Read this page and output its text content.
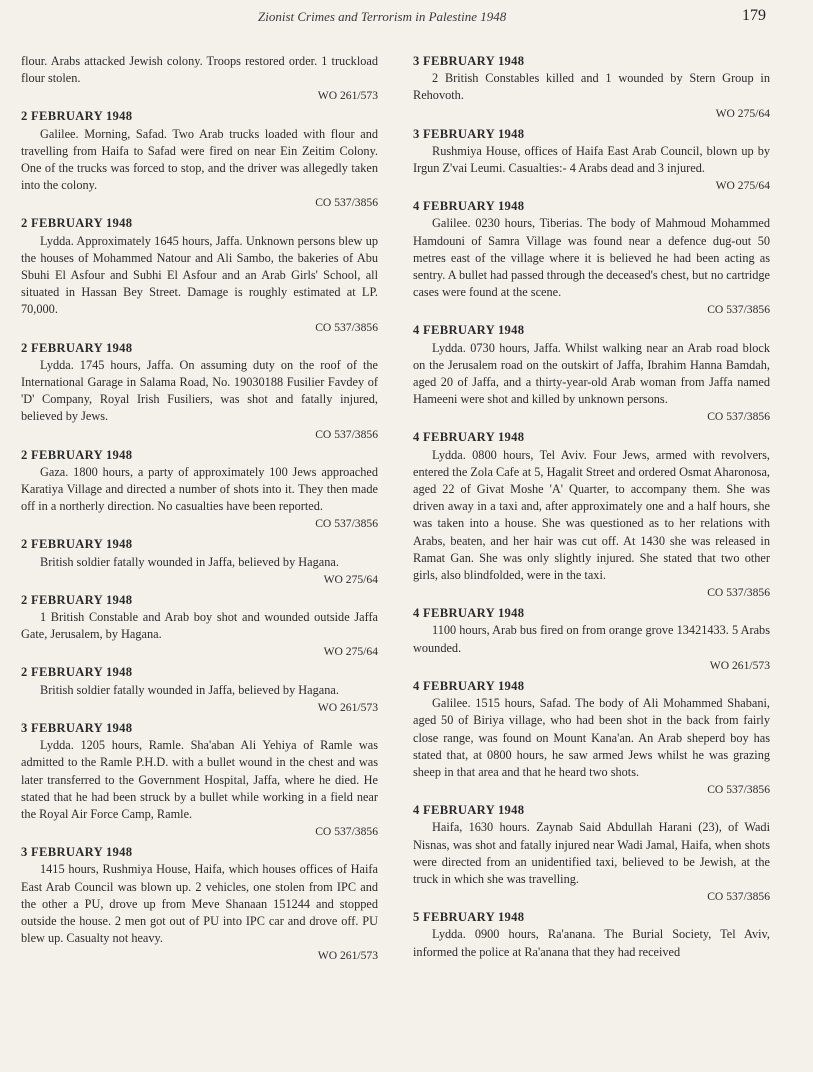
Zionist Crimes and Terrorism in Palestine 1948	179
flour. Arabs attacked Jewish colony. Troops restored order. 1 truckload flour stolen.
WO 261/573
2 FEBRUARY 1948
Galilee. Morning, Safad. Two Arab trucks loaded with flour and travelling from Haifa to Safad were fired on near Ein Zeitim Colony. One of the trucks was forced to stop, and the driver was allegedly taken into the colony.
CO 537/3856
2 FEBRUARY 1948
Lydda. Approximately 1645 hours, Jaffa. Unknown persons blew up the houses of Mohammed Natour and Ali Sambo, the bakeries of Abu Sbuhi El Asfour and Subhi El Asfour and an Arab Girls' School, all situated in Hassan Bey Street. Damage is roughly estimated at LP. 70,000.
CO 537/3856
2 FEBRUARY 1948
Lydda. 1745 hours, Jaffa. On assuming duty on the roof of the International Garage in Salama Road, No. 19030188 Fusilier Favdey of 'D' Company, Royal Irish Fusiliers, was shot and fatally injured, believed by Jews.
CO 537/3856
2 FEBRUARY 1948
Gaza. 1800 hours, a party of approximately 100 Jews approached Karatiya Village and directed a number of shots into it. They then made off in a northerly direction. No casualties have been reported.
CO 537/3856
2 FEBRUARY 1948
British soldier fatally wounded in Jaffa, believed by Hagana.
WO 275/64
2 FEBRUARY 1948
1 British Constable and Arab boy shot and wounded outside Jaffa Gate, Jerusalem, by Hagana.
WO 275/64
2 FEBRUARY 1948
British soldier fatally wounded in Jaffa, believed by Hagana.
WO 261/573
3 FEBRUARY 1948
Lydda. 1205 hours, Ramle. Sha'aban Ali Yehiya of Ramle was admitted to the Ramle P.H.D. with a bullet wound in the chest and was later transferred to the Government Hospital, Jaffa, where he died. He stated that he had been struck by a bullet while working in a field near the Royal Air Force Camp, Ramle.
CO 537/3856
3 FEBRUARY 1948
1415 hours, Rushmiya House, Haifa, which houses offices of Haifa East Arab Council was blown up. 2 vehicles, one stolen from IPC and the other a PU, drove up from Meve Shanaan 151244 and stopped outside the house. 2 men got out of PU into IPC car and drove off. PU blew up. Casualty not heavy.
WO 261/573
3 FEBRUARY 1948
2 British Constables killed and 1 wounded by Stern Group in Rehovoth.
WO 275/64
3 FEBRUARY 1948
Rushmiya House, offices of Haifa East Arab Council, blown up by Irgun Z'vai Leumi. Casualties:- 4 Arabs dead and 3 injured.
WO 275/64
4 FEBRUARY 1948
Galilee. 0230 hours, Tiberias. The body of Mahmoud Mohammed Hamdouni of Samra Village was found near a defence dug-out 50 metres east of the village where it is believed he had been acting as sentry. A bullet had passed through the deceased's chest, but no cartridge cases were found at the scene.
CO 537/3856
4 FEBRUARY 1948
Lydda. 0730 hours, Jaffa. Whilst walking near an Arab road block on the Jerusalem road on the outskirt of Jaffa, Ibrahim Hanna Bamdah, aged 20 of Jaffa, and a thirty-year-old Arab woman from Jaffa named Hameeni were shot and killed by unknown persons.
CO 537/3856
4 FEBRUARY 1948
Lydda. 0800 hours, Tel Aviv. Four Jews, armed with revolvers, entered the Zola Cafe at 5, Hagalit Street and ordered Osmat Aharonosa, aged 22 of Givat Moshe 'A' Quarter, to accompany them. She was driven away in a taxi and, after approximately one and a half hours, she was taken into a house. She was questioned as to her relations with Arabs, beaten, and her hair was cut off. At 1430 she was released in Ramat Gan. She was only slightly injured. She stated that two other girls, also blindfolded, were in the taxi.
CO 537/3856
4 FEBRUARY 1948
1100 hours, Arab bus fired on from orange grove 13421433. 5 Arabs wounded.
WO 261/573
4 FEBRUARY 1948
Galilee. 1515 hours, Safad. The body of Ali Mohammed Shabani, aged 50 of Biriya village, who had been shot in the back from fairly close range, was found on Mount Kana'an. An Arab sheperd boy has stated that, at 0800 hours, he saw armed Jews whilst he was grazing sheep in that area and that he heard two shots.
CO 537/3856
4 FEBRUARY 1948
Haifa, 1630 hours. Zaynab Said Abdullah Harani (23), of Wadi Nisnas, was shot and fatally injured near Wadi Jamal, Haifa, when shots were directed from an unidentified taxi, believed to be Jewish, at the truck in which she was travelling.
CO 537/3856
5 FEBRUARY 1948
Lydda. 0900 hours, Ra'anana. The Burial Society, Tel Aviv, informed the police at Ra'anana that they had received
